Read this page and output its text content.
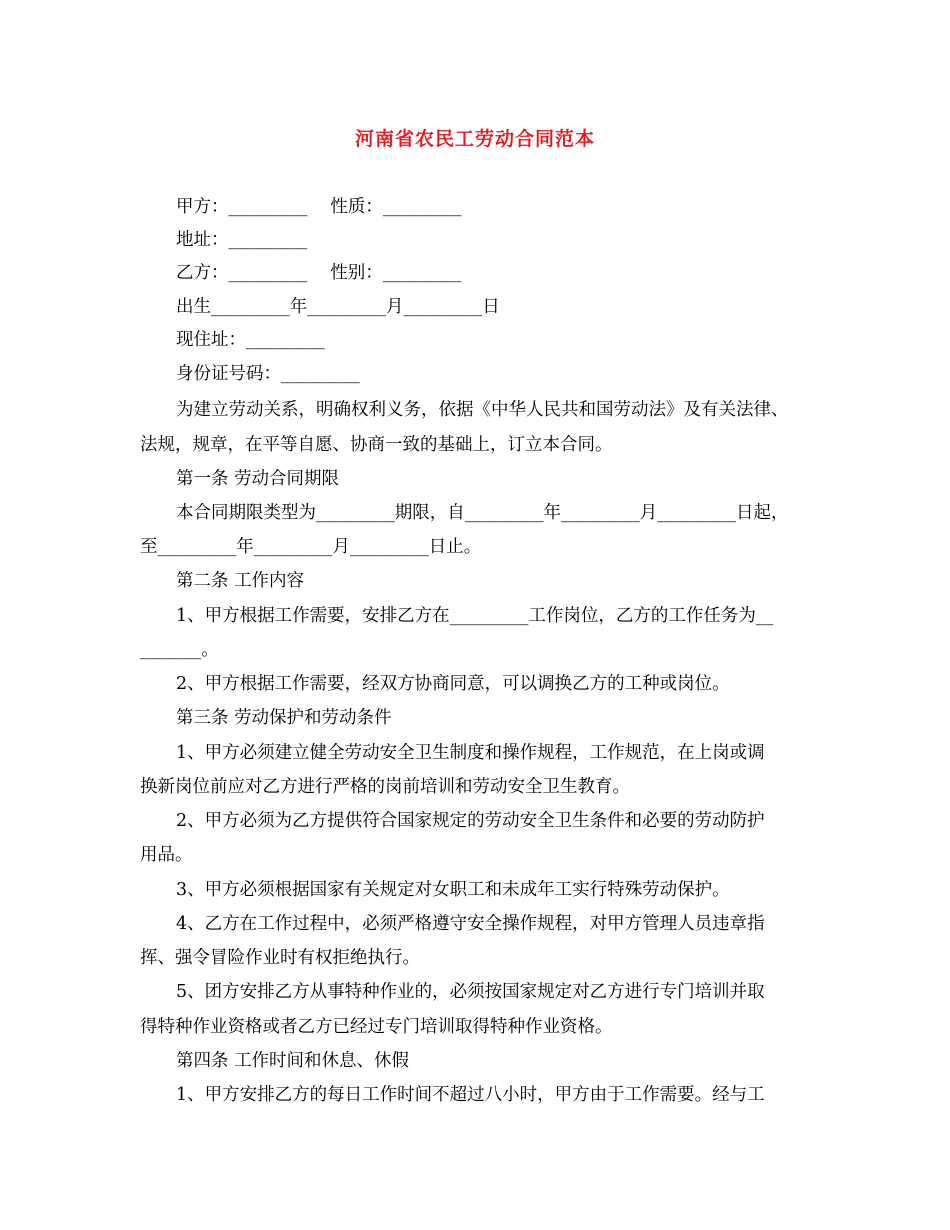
河南省农民工劳动合同范本
甲方：_________　 性质：_________
地址：_________
乙方：_________　 性别：_________
出生_________年_________月_________日
现住址：_________
身份证号码：_________
为建立劳动关系，明确权利义务，依据《中华人民共和国劳动法》及有关法律、
法规，规章，在平等自愿、协商一致的基础上，订立本合同。
第一条 劳动合同期限
本合同期限类型为_________期限，自_________年_________月_________日起，
至_________年_________月_________日止。
第二条 工作内容
1、甲方根据工作需要，安排乙方在_________工作岗位，乙方的工作任务为__
_______。
2、甲方根据工作需要，经双方协商同意，可以调换乙方的工种或岗位。
第三条 劳动保护和劳动条件
1、甲方必须建立健全劳动安全卫生制度和操作规程，工作规范，在上岗或调
换新岗位前应对乙方进行严格的岗前培训和劳动安全卫生教育。
2、甲方必须为乙方提供符合国家规定的劳动安全卫生条件和必要的劳动防护
用品。
3、甲方必须根据国家有关规定对女职工和未成年工实行特殊劳动保护。
4、乙方在工作过程中，必须严格遵守安全操作规程，对甲方管理人员违章指
挥、强令冒险作业时有权拒绝执行。
5、团方安排乙方从事特种作业的，必须按国家规定对乙方进行专门培训并取
得特种作业资格或者乙方已经过专门培训取得特种作业资格。
第四条 工作时间和休息、休假
1、甲方安排乙方的每日工作时间不超过八小时，甲方由于工作需要。经与工
